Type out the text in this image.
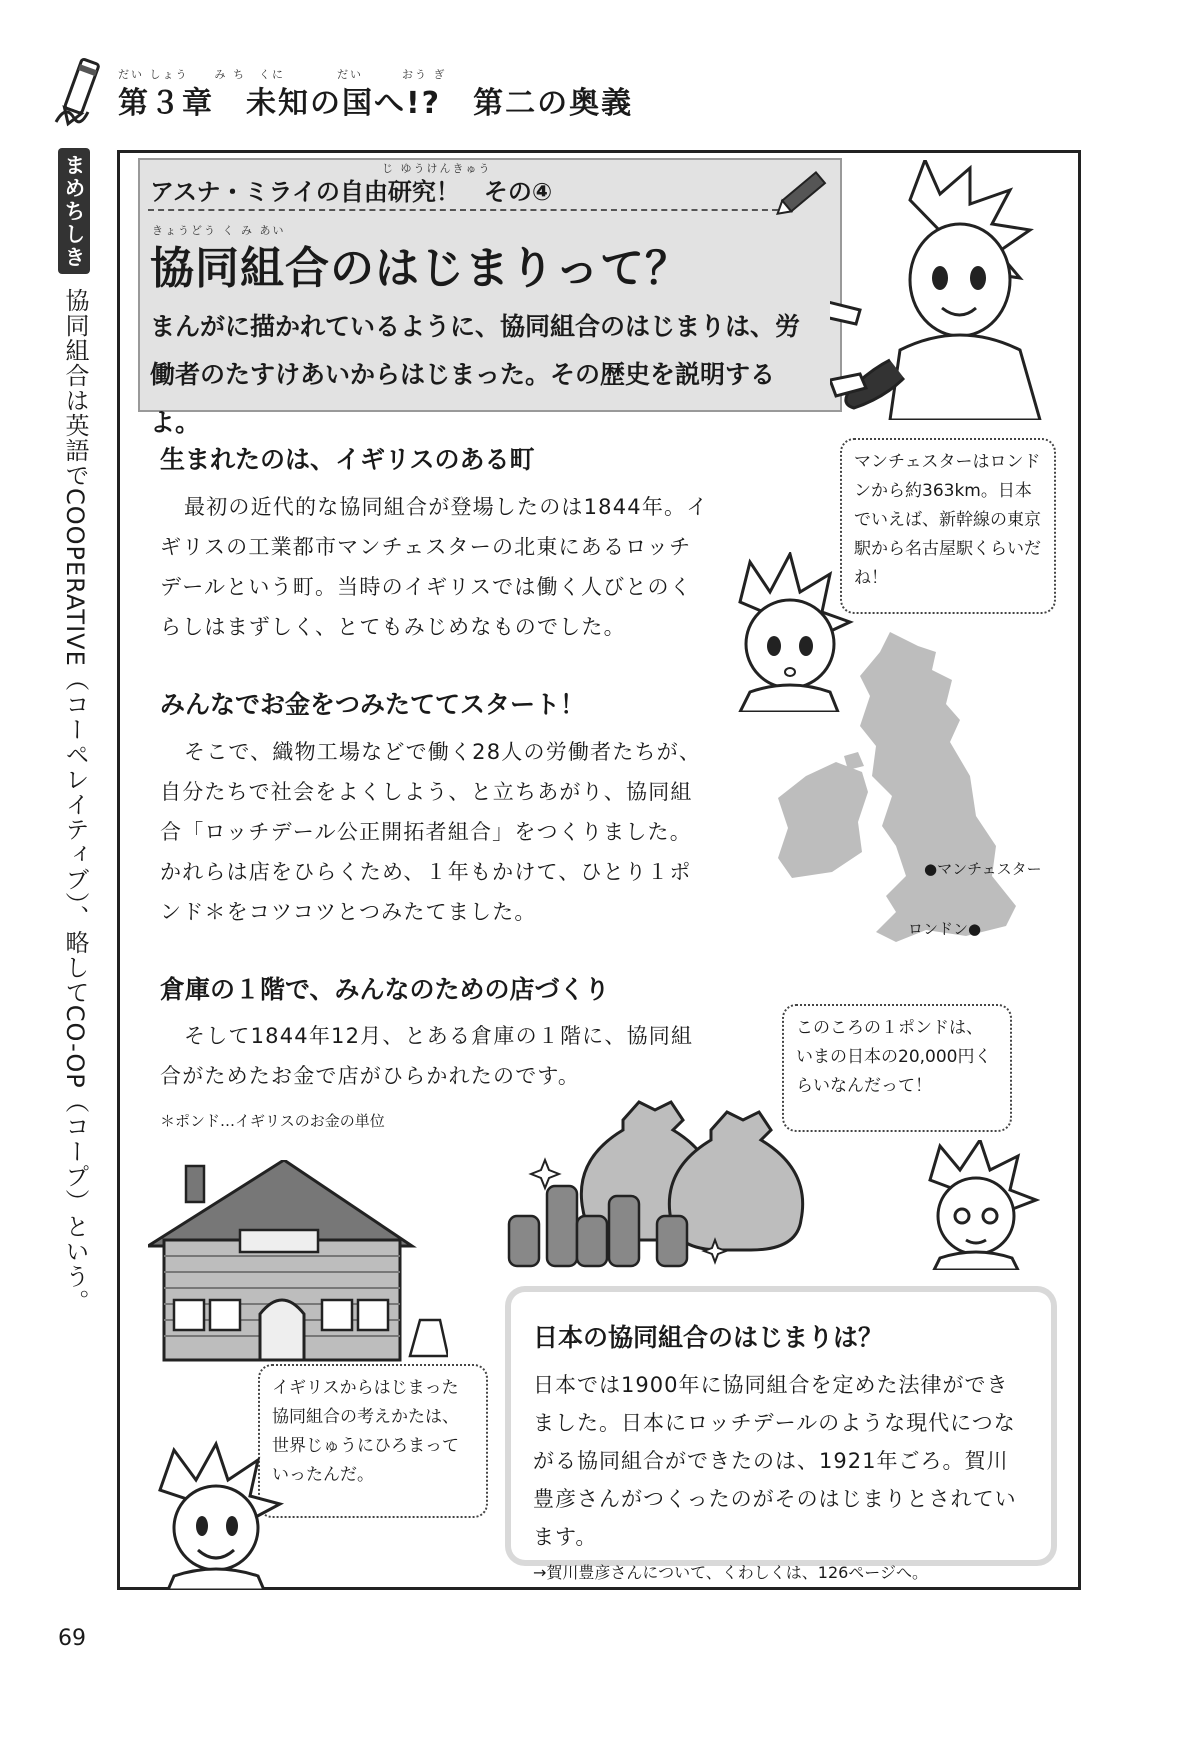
だい しょう　　み ち　くに　　　　だい　　　おう ぎ
第３章　未知の国へ!?　第二の奥義
まめちしき
協同組合は英語でCOOPERATIVE（コーペレイティブ）、略してCO-OP（コープ）という。
じ ゆうけんきゅう
アスナ・ミライの自由研究！　その④
きょうどう く み あい
協同組合のはじまりって？
まんがに描かれているように、協同組合のはじまりは、労働者のたすけあいからはじまった。その歴史を説明するよ。
生まれたのは、イギリスのある町
最初の近代的な協同組合が登場したのは1844年。イギリスの工業都市マンチェスターの北東にあるロッチデールという町。当時のイギリスでは働く人びとのくらしはまずしく、とてもみじめなものでした。
みんなでお金をつみたててスタート！
そこで、織物工場などで働く28人の労働者たちが、自分たちで社会をよくしよう、と立ちあがり、協同組合「ロッチデール公正開拓者組合」をつくりました。かれらは店をひらくため、１年もかけて、ひとり１ポンド＊をコツコツとつみたてました。
倉庫の１階で、みんなのための店づくり
そして1844年12月、とある倉庫の１階に、協同組合がためたお金で店がひらかれたのです。
＊ポンド…イギリスのお金の単位
マンチェスターはロンドンから約363km。日本でいえば、新幹線の東京駅から名古屋駅くらいだね！
●マンチェスター
ロンドン●
このころの１ポンドは、いまの日本の20,000円くらいなんだって！
イギリスからはじまった協同組合の考えかたは、世界じゅうにひろまっていったんだ。
日本の協同組合のはじまりは？
日本では1900年に協同組合を定めた法律ができました。日本にロッチデールのような現代につながる協同組合ができたのは、1921年ごろ。賀川豊彦さんがつくったのがそのはじまりとされています。
→賀川豊彦さんについて、くわしくは、126ページへ。
69
